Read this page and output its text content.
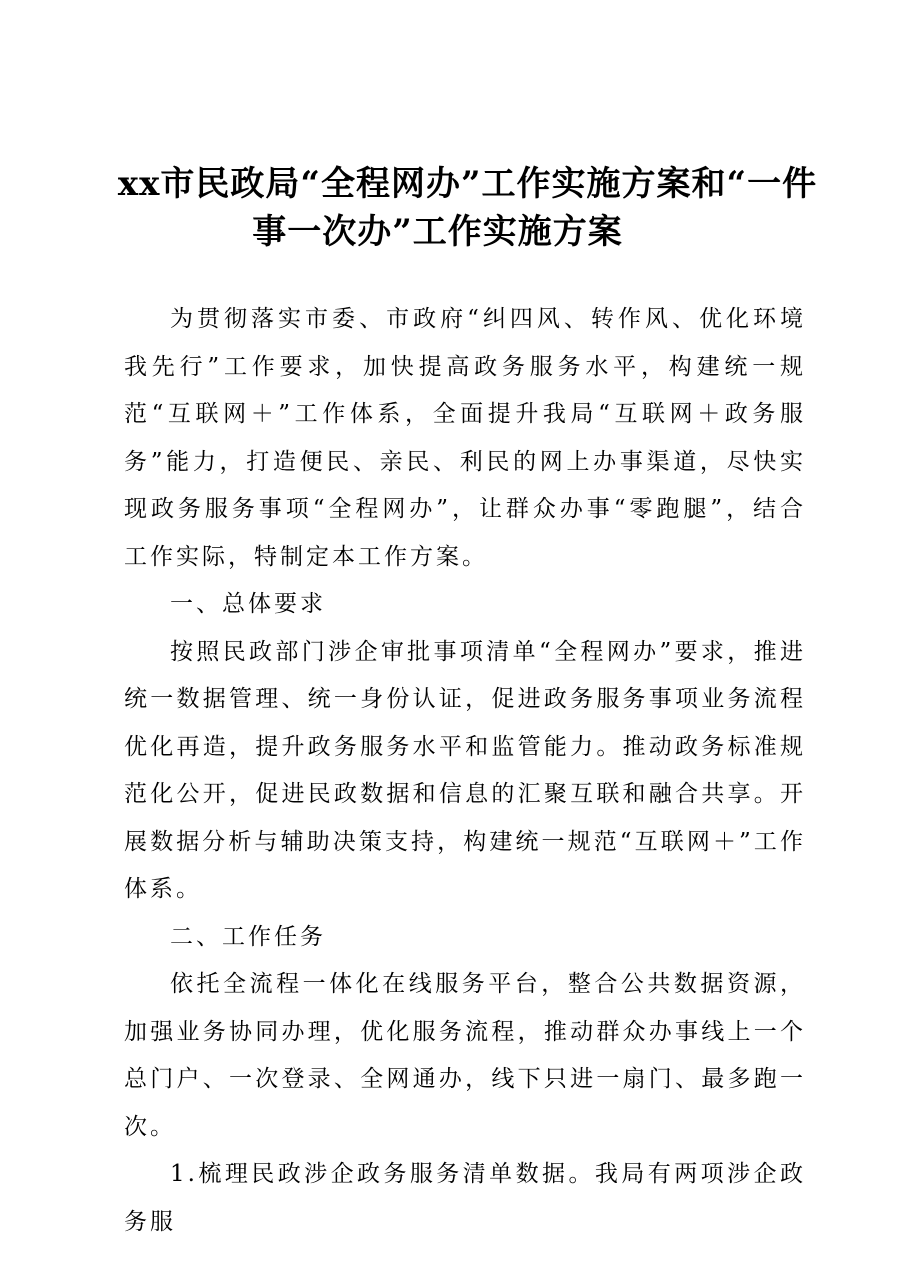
xx市民政局“全程网办”工作实施方案和“一件
事一次办”工作实施方案

为贯彻落实市委、市政府“纠四风、转作风、优化环境我先行”工作要求，加快提高政务服务水平，构建统一规范“互联网＋”工作体系，全面提升我局“互联网＋政务服务”能力，打造便民、亲民、利民的网上办事渠道，尽快实现政务服务事项“全程网办”，让群众办事“零跑腿”，结合工作实际，特制定本工作方案。

一、总体要求

按照民政部门涉企审批事项清单“全程网办”要求，推进统一数据管理、统一身份认证，促进政务服务事项业务流程优化再造，提升政务服务水平和监管能力。推动政务标准规范化公开，促进民政数据和信息的汇聚互联和融合共享。开展数据分析与辅助决策支持，构建统一规范“互联网＋”工作体系。

二、工作任务

依托全流程一体化在线服务平台，整合公共数据资源，加强业务协同办理，优化服务流程，推动群众办事线上一个总门户、一次登录、全网通办，线下只进一扇门、最多跑一次。

1.梳理民政涉企政务服务清单数据。我局有两项涉企政务服
